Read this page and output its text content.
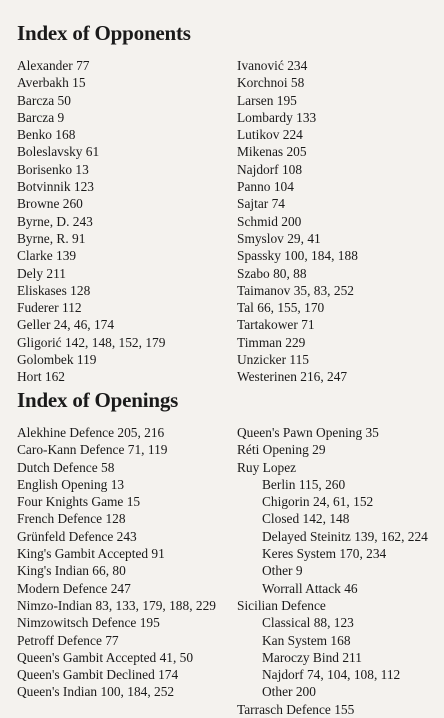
Index of Opponents
Alexander 77
Averbakh 15
Barcza 50
Barcza 9
Benko 168
Boleslavsky 61
Borisenko 13
Botvinnik 123
Browne 260
Byrne, D. 243
Byrne, R. 91
Clarke 139
Dely 211
Eliskases 128
Fuderer 112
Geller 24, 46, 174
Gligorić 142, 148, 152, 179
Golombek 119
Hort 162
Ivanović 234
Korchnoi 58
Larsen 195
Lombardy 133
Lutikov 224
Mikenas 205
Najdorf 108
Panno 104
Sajtar 74
Schmid 200
Smyslov 29, 41
Spassky 100, 184, 188
Szabo 80, 88
Taimanov 35, 83, 252
Tal 66, 155, 170
Tartakower 71
Timman 229
Unzicker 115
Westerinen 216, 247
Index of Openings
Alekhine Defence 205, 216
Caro-Kann Defence 71, 119
Dutch Defence 58
English Opening 13
Four Knights Game 15
French Defence 128
Grünfeld Defence 243
King's Gambit Accepted 91
King's Indian 66, 80
Modern Defence 247
Nimzo-Indian 83, 133, 179, 188, 229
Nimzowitsch Defence 195
Petroff Defence 77
Queen's Gambit Accepted 41, 50
Queen's Gambit Declined 174
Queen's Indian 100, 184, 252
Queen's Pawn Opening 35
Réti Opening 29
Ruy Lopez
Berlin 115, 260
Chigorin 24, 61, 152
Closed 142, 148
Delayed Steinitz 139, 162, 224
Keres System 170, 234
Other 9
Worrall Attack 46
Sicilian Defence
Classical 88, 123
Kan System 168
Maroczy Bind 211
Najdorf 74, 104, 108, 112
Other 200
Tarrasch Defence 155
